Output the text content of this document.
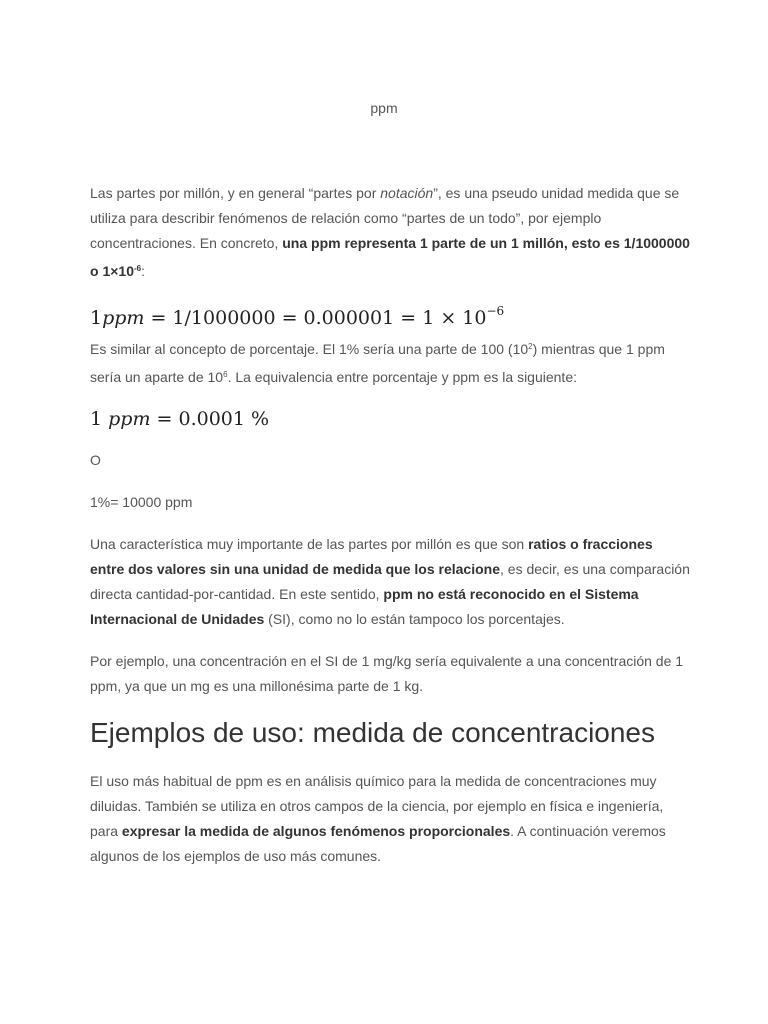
ppm

Las partes por millón, y en general “partes por notación”, es una pseudo unidad medida que se utiliza para describir fenómenos de relación como “partes de un todo”, por ejemplo concentraciones. En concreto, una ppm representa 1 parte de un 1 millón, esto es 1/1000000 o $1\times 10^{-6}$:

$1ppm = 1/1000000 = 0.000001 = 1 \times 10^{-6}$

Es similar al concepto de porcentaje. El 1% sería una parte de 100 $(10^2)$ mientras que 1 ppm sería un aparte de $10^6$. La equivalencia entre porcentaje y ppm es la siguiente:

1 ppm = 0.0001 %

O

1%= 10000 ppm

Una característica muy importante de las partes por millón es que son ratios o fracciones entre dos valores sin una unidad de medida que los relacione, es decir, es una comparación directa cantidad-por-cantidad. En este sentido, ppm no está reconocido en el Sistema Internacional de Unidades (SI), como no lo están tampoco los porcentajes.

Por ejemplo, una concentración en el SI de 1 mg/kg sería equivalente a una concentración de 1 ppm, ya que un mg es una millonésima parte de 1 kg.

Ejemplos de uso: medida de concentraciones

El uso más habitual de ppm es en análisis químico para la medida de concentraciones muy diluidas. También se utiliza en otros campos de la ciencia, por ejemplo en física e ingeniería, para expresar la medida de algunos fenómenos proporcionales. A continuación veremos algunos de los ejemplos de uso más comunes.
